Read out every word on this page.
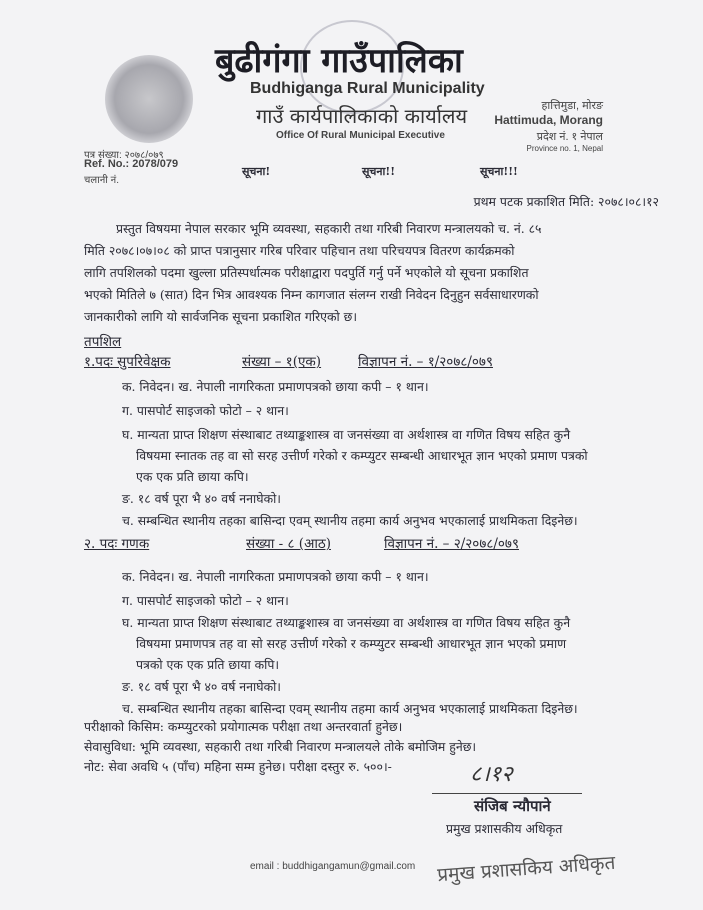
बुढीगंगा गाउँपालिका
Budhiganga Rural Municipality
गाउँ कार्यपालिकाको कार्यालय
Office Of Rural Municipal Executive
हात्तिमुडा, मोरङ
Hattimuda, Morang
प्रदेश नं. १ नेपाल
Province no. 1, Nepal
पत्र संख्या: २०७८/०७९
Ref. No.: 2078/079
चलानी नं.
सूचना!	सूचना!!	सूचना!!!
प्रथम पटक प्रकाशित मिति: २०७८।०८।१२
प्रस्तुत विषयमा नेपाल सरकार भूमि व्यवस्था, सहकारी तथा गरिबी निवारण मन्त्रालयको च. नं. ८५
मिति २०७८।०७।०८ को प्राप्त पत्रानुसार गरिब परिवार पहिचान तथा परिचयपत्र वितरण कार्यक्रमको
लागि तपशिलको पदमा खुल्ला प्रतिस्पर्धात्मक परीक्षाद्वारा पदपुर्ति गर्नु पर्ने भएकोले यो सूचना प्रकाशित
भएको मितिले ७ (सात) दिन भित्र आवश्यक निम्न कागजात संलग्न राखी निवेदन दिनुहुन सर्वसाधारणको
जानकारीको लागि यो सार्वजनिक सूचना प्रकाशित गरिएको छ।
तपशिल
१.पदः सुपरिवेक्षक	संख्या – १(एक)	विज्ञापन नं. – १/२०७८/०७९
क. निवेदन। ख. नेपाली नागरिकता प्रमाणपत्रको छाया कपी – १ थान।
ग. पासपोर्ट साइजको फोटो – २ थान।
घ. मान्यता प्राप्त शिक्षण संस्थाबाट तथ्याङ्कशास्त्र वा जनसंख्या वा अर्थशास्त्र वा गणित विषय सहित कुनै
विषयमा स्नातक तह वा सो सरह उत्तीर्ण गरेको र कम्प्युटर सम्बन्धी आधारभूत ज्ञान भएको प्रमाण पत्रको
एक एक प्रति छाया कपि।
ङ. १८ वर्ष पूरा भै ४० वर्ष ननाघेको।
च. सम्बन्धित स्थानीय तहका बासिन्दा एवम् स्थानीय तहमा कार्य अनुभव भएकालाई प्राथमिकता दिइनेछ।
२. पदः गणक	संख्या - ८ (आठ)	विज्ञापन नं. – २/२०७८/०७९
क. निवेदन। ख. नेपाली नागरिकता प्रमाणपत्रको छाया कपी – १ थान।
ग. पासपोर्ट साइजको फोटो – २ थान।
घ. मान्यता प्राप्त शिक्षण संस्थाबाट तथ्याङ्कशास्त्र वा जनसंख्या वा अर्थशास्त्र वा गणित विषय सहित कुनै
विषयमा प्रमाणपत्र तह वा सो सरह उत्तीर्ण गरेको र कम्प्युटर सम्बन्धी आधारभूत ज्ञान भएको प्रमाण
पत्रको एक एक प्रति छाया कपि।
ङ. १८ वर्ष पूरा भै ४० वर्ष ननाघेको।
च. सम्बन्धित स्थानीय तहका बासिन्दा एवम् स्थानीय तहमा कार्य अनुभव भएकालाई प्राथमिकता दिइनेछ।
परीक्षाको किसिम: कम्प्युटरको प्रयोगात्मक परीक्षा तथा अन्तरवार्ता हुनेछ।
सेवासुविधा: भूमि व्यवस्था, सहकारी तथा गरिबी निवारण मन्त्रालयले तोके बमोजिम हुनेछ।
नोट: सेवा अवधि ५ (पाँच) महिना सम्म हुनेछ। परीक्षा दस्तुर रु. ५००।-	८।१२
संजिब न्यौपाने
प्रमुख प्रशासकीय अधिकृत
email : buddhigangamun@gmail.com प्रमुख प्रशासकिय अधिकृत
